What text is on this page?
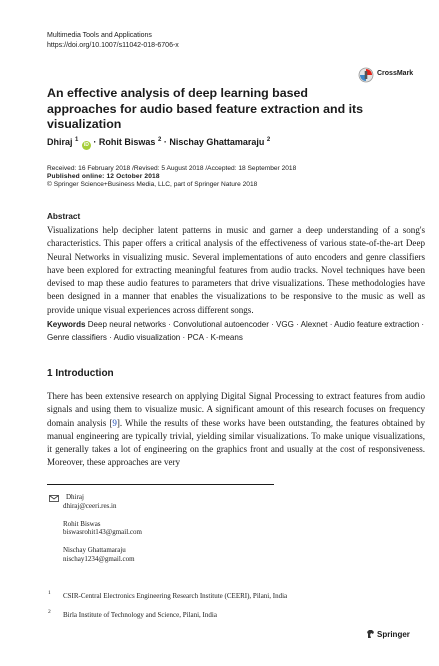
Multimedia Tools and Applications
https://doi.org/10.1007/s11042-018-6706-x
CrossMark
An effective analysis of deep learning based approaches for audio based feature extraction and its visualization
Dhiraj $^1$ iD · Rohit Biswas $^2$ · Nischay Ghattamaraju $^2$
Received: 16 February 2018 /Revised: 5 August 2018 /Accepted: 18 September 2018
Published online: 12 October 2018
© Springer Science+Business Media, LLC, part of Springer Nature 2018
Abstract
Visualizations help decipher latent patterns in music and garner a deep understanding of a song's characteristics. This paper offers a critical analysis of the effectiveness of various state-of-the-art Deep Neural Networks in visualizing music. Several implementations of auto encoders and genre classifiers have been explored for extracting meaningful features from audio tracks. Novel techniques have been devised to map these audio features to parameters that drive visualizations. These methodologies have been designed in a manner that enables the visualizations to be responsive to the music as well as provide unique visual experiences across different songs.
Keywords Deep neural networks · Convolutional autoencoder · VGG · Alexnet · Audio feature extraction · Genre classifiers · Audio visualization · PCA · K-means
1 Introduction
There has been extensive research on applying Digital Signal Processing to extract features from audio signals and using them to visualize music. A significant amount of this research focuses on frequency domain analysis [9]. While the results of these works have been outstanding, the features obtained by manual engineering are typically trivial, yielding similar visualizations. To make unique visualizations, it generally takes a lot of engineering on the graphics front and usually at the cost of responsiveness. Moreover, these approaches are very
Dhiraj
dhiraj@ceeri.res.in
Rohit Biswas
biswasrohit143@gmail.com
Nischay Ghattamaraju
nischay1234@gmail.com
1 CSIR-Central Electronics Engineering Research Institute (CEERI), Pilani, India
2 Birla Institute of Technology and Science, Pilani, India
Springer
